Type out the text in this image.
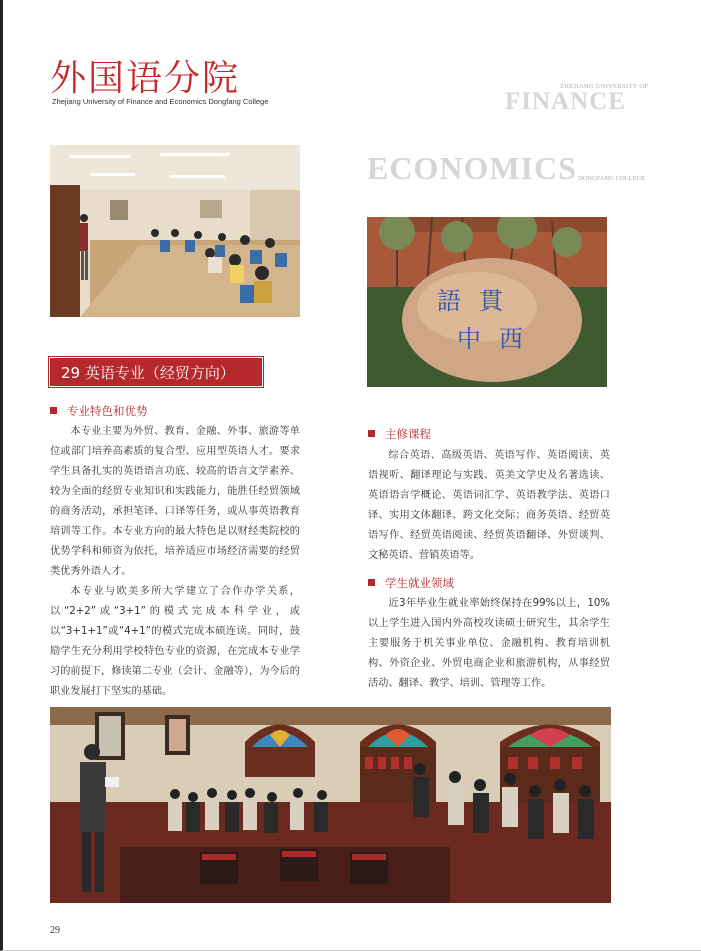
外国语分院
Zhejiang University of Finance and Economics Dongfang College
ZHEJIANG UNIVERSITY OF
FINANCE
ECONOMICS DONGFANG COLLEGE
語 貫
中 西
29 英语专业（经贸方向）
专业特色和优势

本专业主要为外贸、教育、金融、外事、旅游等单位或部门培养高素质的复合型、应用型英语人才。要求学生具备扎实的英语语言功底、较高的语言文学素养、较为全面的经贸专业知识和实践能力，能胜任经贸领域的商务活动，承担笔译、口译等任务，或从事英语教育培训等工作。本专业方向的最大特色是以财经类院校的优势学科和师资为依托，培养适应市场经济需要的经贸类优秀外语人才。

本专业与欧美多所大学建立了合作办学关系，以“2+2”或“3+1”的模式完成本科学业，或以“3+1+1”或“4+1”的模式完成本硕连读。同时，鼓励学生充分利用学校特色专业的资源，在完成本专业学习的前提下，修读第二专业（会计、金融等），为今后的职业发展打下坚实的基础。

主修课程

综合英语、高级英语、英语写作、英语阅读、英语视听、翻译理论与实践、英美文学史及名著选读、英语语言学概论、英语词汇学、英语教学法、英语口译、实用文体翻译、跨文化交际；商务英语、经贸英语写作、经贸英语阅读、经贸英语翻译、外贸谈判、文秘英语、营销英语等。

学生就业领域

近3年毕业生就业率始终保持在99%以上，10%以上学生进入国内外高校攻读硕士研究生，其余学生主要服务于机关事业单位、金融机构、教育培训机构、外资企业、外贸电商企业和旅游机构，从事经贸活动、翻译、教学、培训、管理等工作。

29
